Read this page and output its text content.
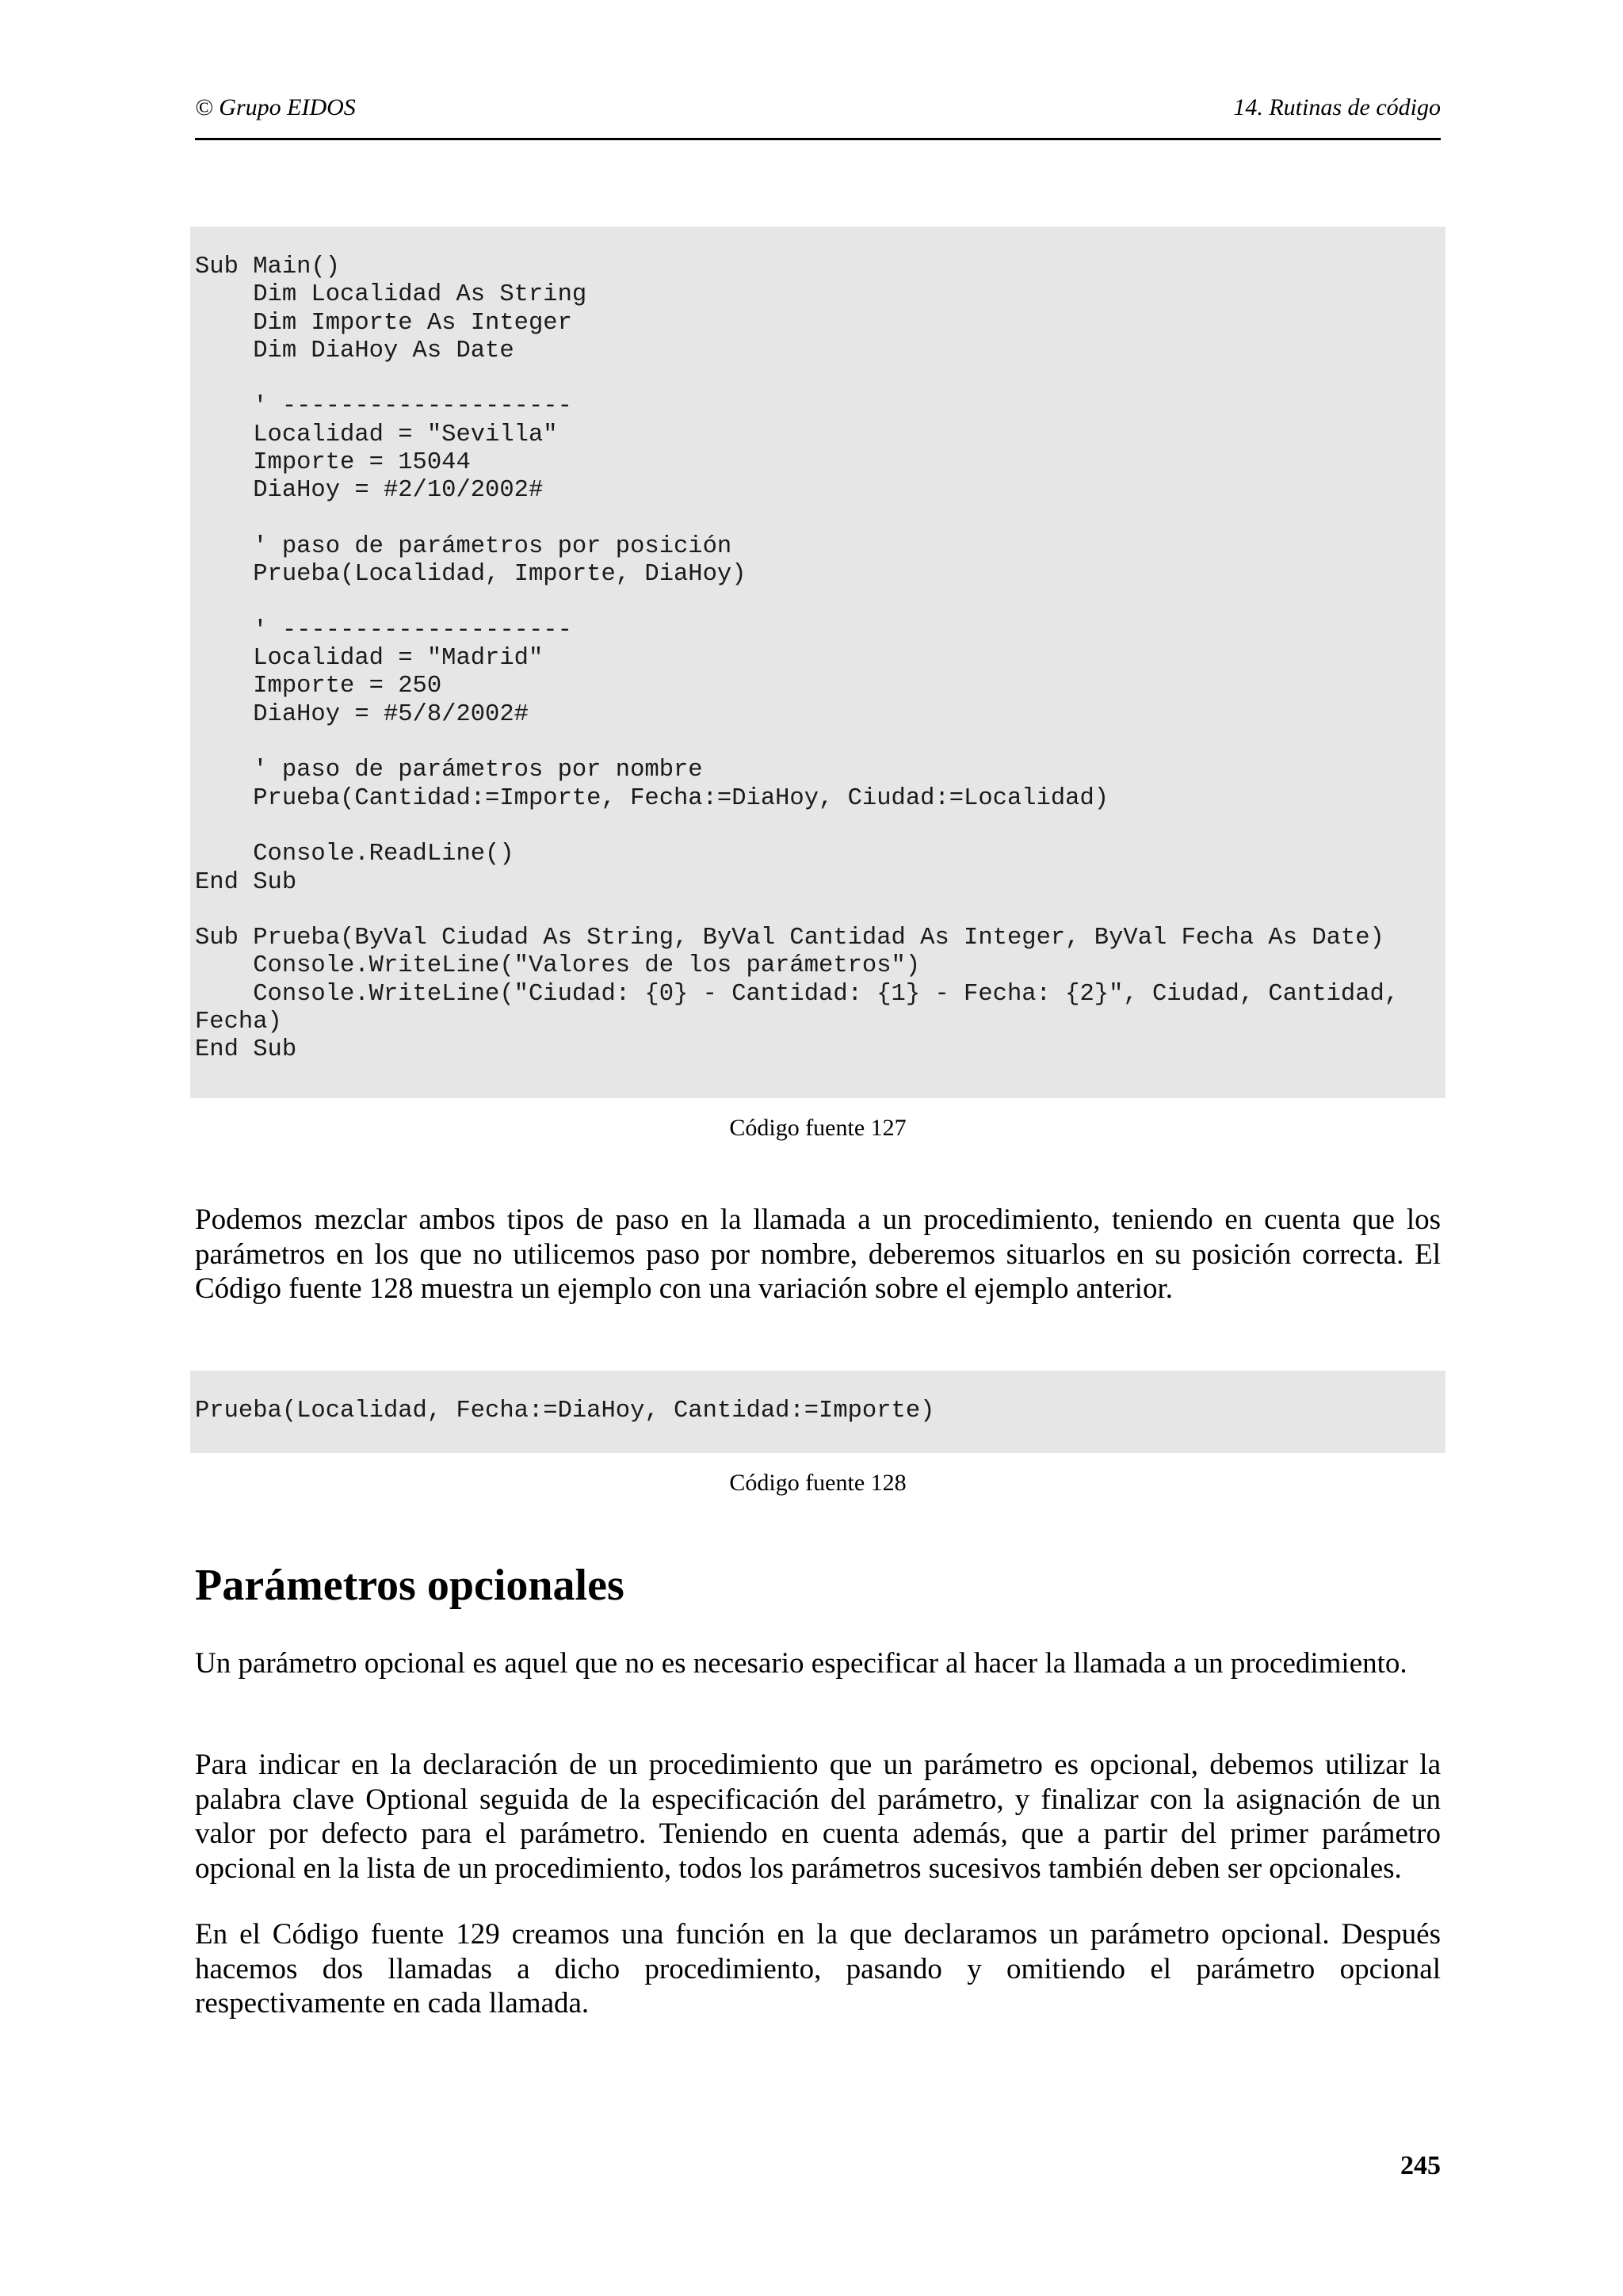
© Grupo EIDOS	14. Rutinas de código
Sub Main()
Dim Localidad As String
Dim Importe As Integer
Dim DiaHoy As Date

' --------------------
Localidad = "Sevilla"
Importe = 15044
DiaHoy = #2/10/2002#

' paso de parámetros por posición
Prueba(Localidad, Importe, DiaHoy)

' --------------------
Localidad = "Madrid"
Importe = 250
DiaHoy = #5/8/2002#

' paso de parámetros por nombre
Prueba(Cantidad:=Importe, Fecha:=DiaHoy, Ciudad:=Localidad)

Console.ReadLine()
End Sub

Sub Prueba(ByVal Ciudad As String, ByVal Cantidad As Integer, ByVal Fecha As Date)
Console.WriteLine("Valores de los parámetros")
Console.WriteLine("Ciudad: {0} - Cantidad: {1} - Fecha: {2}", Ciudad, Cantidad,
Fecha)
End Sub
Código fuente 127

Podemos mezclar ambos tipos de paso en la llamada a un procedimiento, teniendo en cuenta que los parámetros en los que no utilicemos paso por nombre, deberemos situarlos en su posición correcta. El Código fuente 128 muestra un ejemplo con una variación sobre el ejemplo anterior.

Prueba(Localidad, Fecha:=DiaHoy, Cantidad:=Importe)
Código fuente 128
Parámetros opcionales

Un parámetro opcional es aquel que no es necesario especificar al hacer la llamada a un procedimiento.

Para indicar en la declaración de un procedimiento que un parámetro es opcional, debemos utilizar la palabra clave Optional seguida de la especificación del parámetro, y finalizar con la asignación de un valor por defecto para el parámetro. Teniendo en cuenta además, que a partir del primer parámetro opcional en la lista de un procedimiento, todos los parámetros sucesivos también deben ser opcionales.

En el Código fuente 129 creamos una función en la que declaramos un parámetro opcional. Después hacemos dos llamadas a dicho procedimiento, pasando y omitiendo el parámetro opcional respectivamente en cada llamada.

245
